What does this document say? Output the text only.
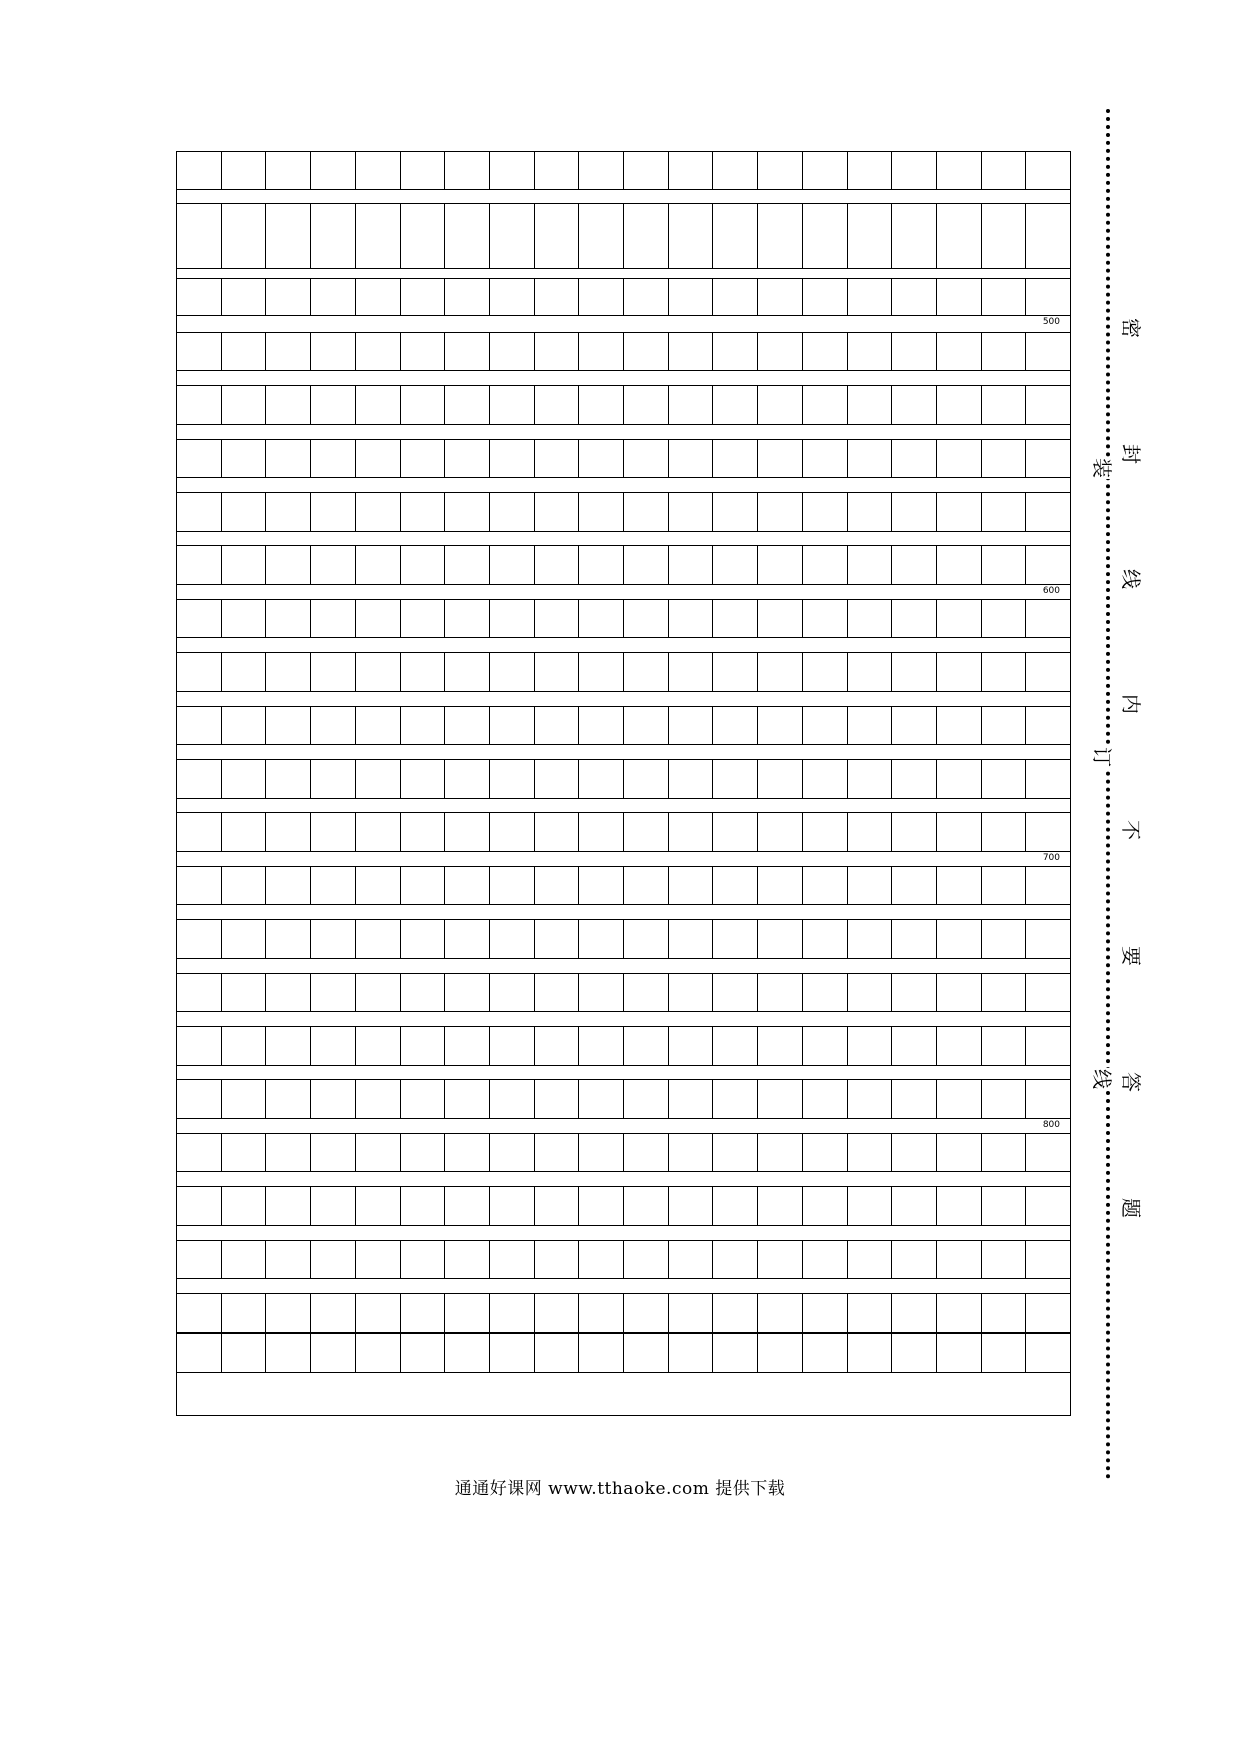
500
600
700
800
密
封
线
内
不
要
答
题
装
订
线
通通好课网 www.tthaoke.com 提供下载
